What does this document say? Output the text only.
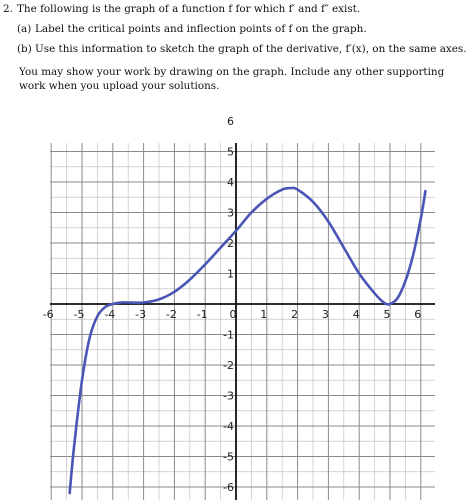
2. The following is the graph of a function f for which f′ and f″ exist.
(a) Label the critical points and inflection points of f on the graph.
(b) Use this information to sketch the graph of the derivative, f′(x), on the same axes.
You may show your work by drawing on the graph. Include any other supporting work when you upload your solutions.
-6 -5 -4 -3 -2 -1 0 1 2 3 4 5 6
6
5
4
3
2
1
-1
-2
-3
-4
-5
-6
